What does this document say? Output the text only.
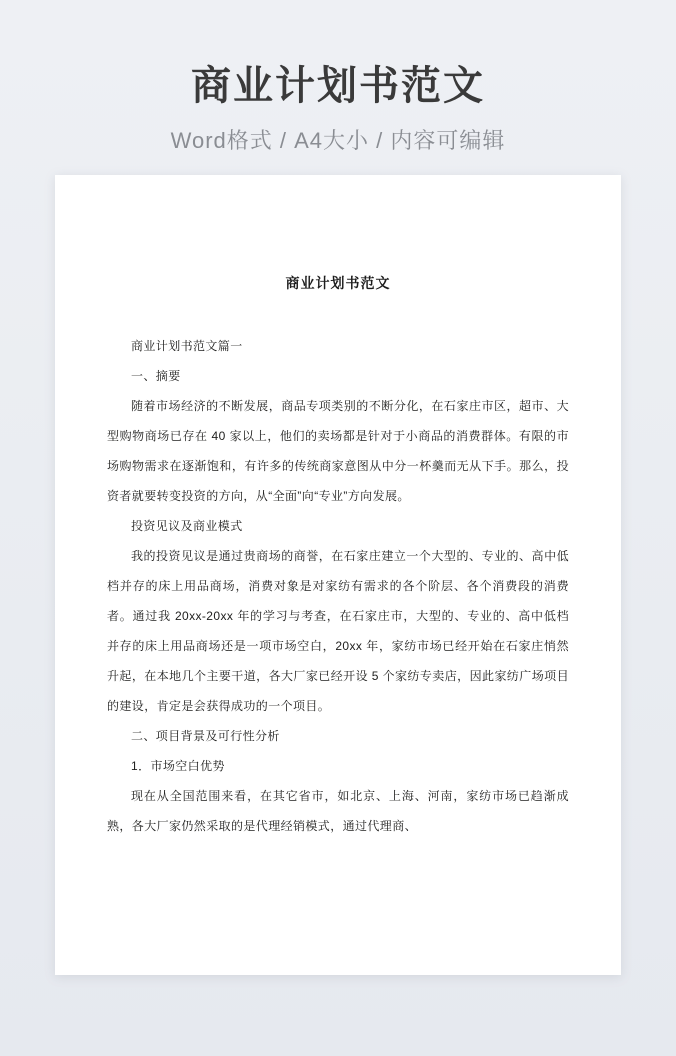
商业计划书范文
Word格式 / A4大小 / 内容可编辑
商业计划书范文

商业计划书范文篇一

一、摘要

随着市场经济的不断发展，商品专项类别的不断分化，在石家庄市区，超市、大型购物商场已存在 40 家以上，他们的卖场都是针对于小商品的消费群体。有限的市场购物需求在逐渐饱和，有许多的传统商家意图从中分一杯羹而无从下手。那么，投资者就要转变投资的方向，从“全面”向“专业”方向发展。

投资见议及商业模式

我的投资见议是通过贵商场的商誉，在石家庄建立一个大型的、专业的、高中低档并存的床上用品商场，消费对象是对家纺有需求的各个阶层、各个消费段的消费者。通过我 20xx-20xx 年的学习与考查，在石家庄市，大型的、专业的、高中低档并存的床上用品商场还是一项市场空白，20xx 年，家纺市场已经开始在石家庄悄然升起，在本地几个主要干道，各大厂家已经开设 5 个家纺专卖店，因此家纺广场项目的建设，肯定是会获得成功的一个项目。

二、项目背景及可行性分析

1．市场空白优势

现在从全国范围来看，在其它省市，如北京、上海、河南，家纺市场已趋渐成熟，各大厂家仍然采取的是代理经销模式，通过代理商、
